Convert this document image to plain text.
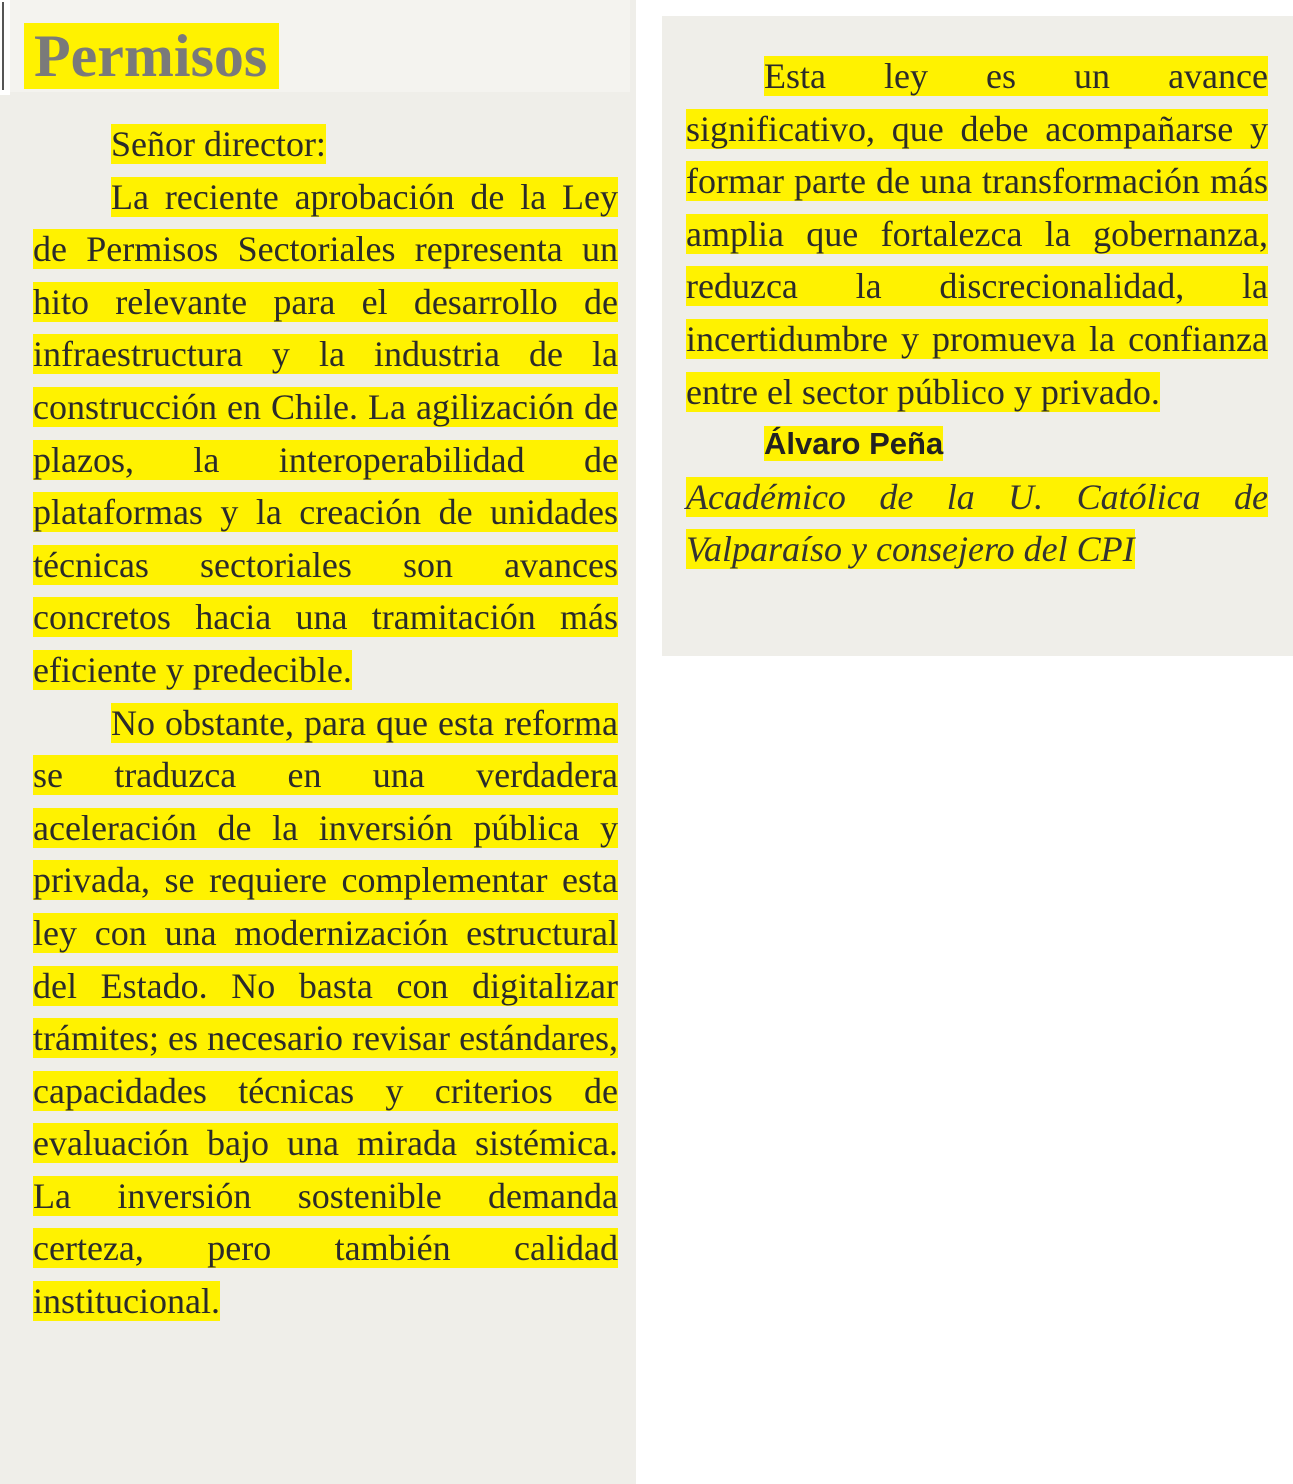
Permisos

Señor director:

La reciente aprobación de la Ley de Permisos Sectoriales representa un hito relevante para el desarrollo de infraestructura y la industria de la construcción en Chile. La agilización de plazos, la interoperabilidad de plataformas y la creación de unidades técnicas sectoriales son avances concretos hacia una tramitación más eficiente y predecible.

No obstante, para que esta reforma se traduzca en una verdadera aceleración de la inversión pública y privada, se requiere complementar esta ley con una modernización estructural del Estado. No basta con digitalizar trámites; es necesario revisar estándares, capacidades técnicas y criterios de evaluación bajo una mirada sistémica. La inversión sostenible demanda certeza, pero también calidad institucional.

Esta ley es un avance significativo, que debe acompañarse y formar parte de una transformación más amplia que fortalezca la gobernanza, reduzca la discrecionalidad, la incertidumbre y promueva la confianza entre el sector público y privado.

Álvaro Peña

Académico de la U. Católica de Valparaíso y consejero del CPI
